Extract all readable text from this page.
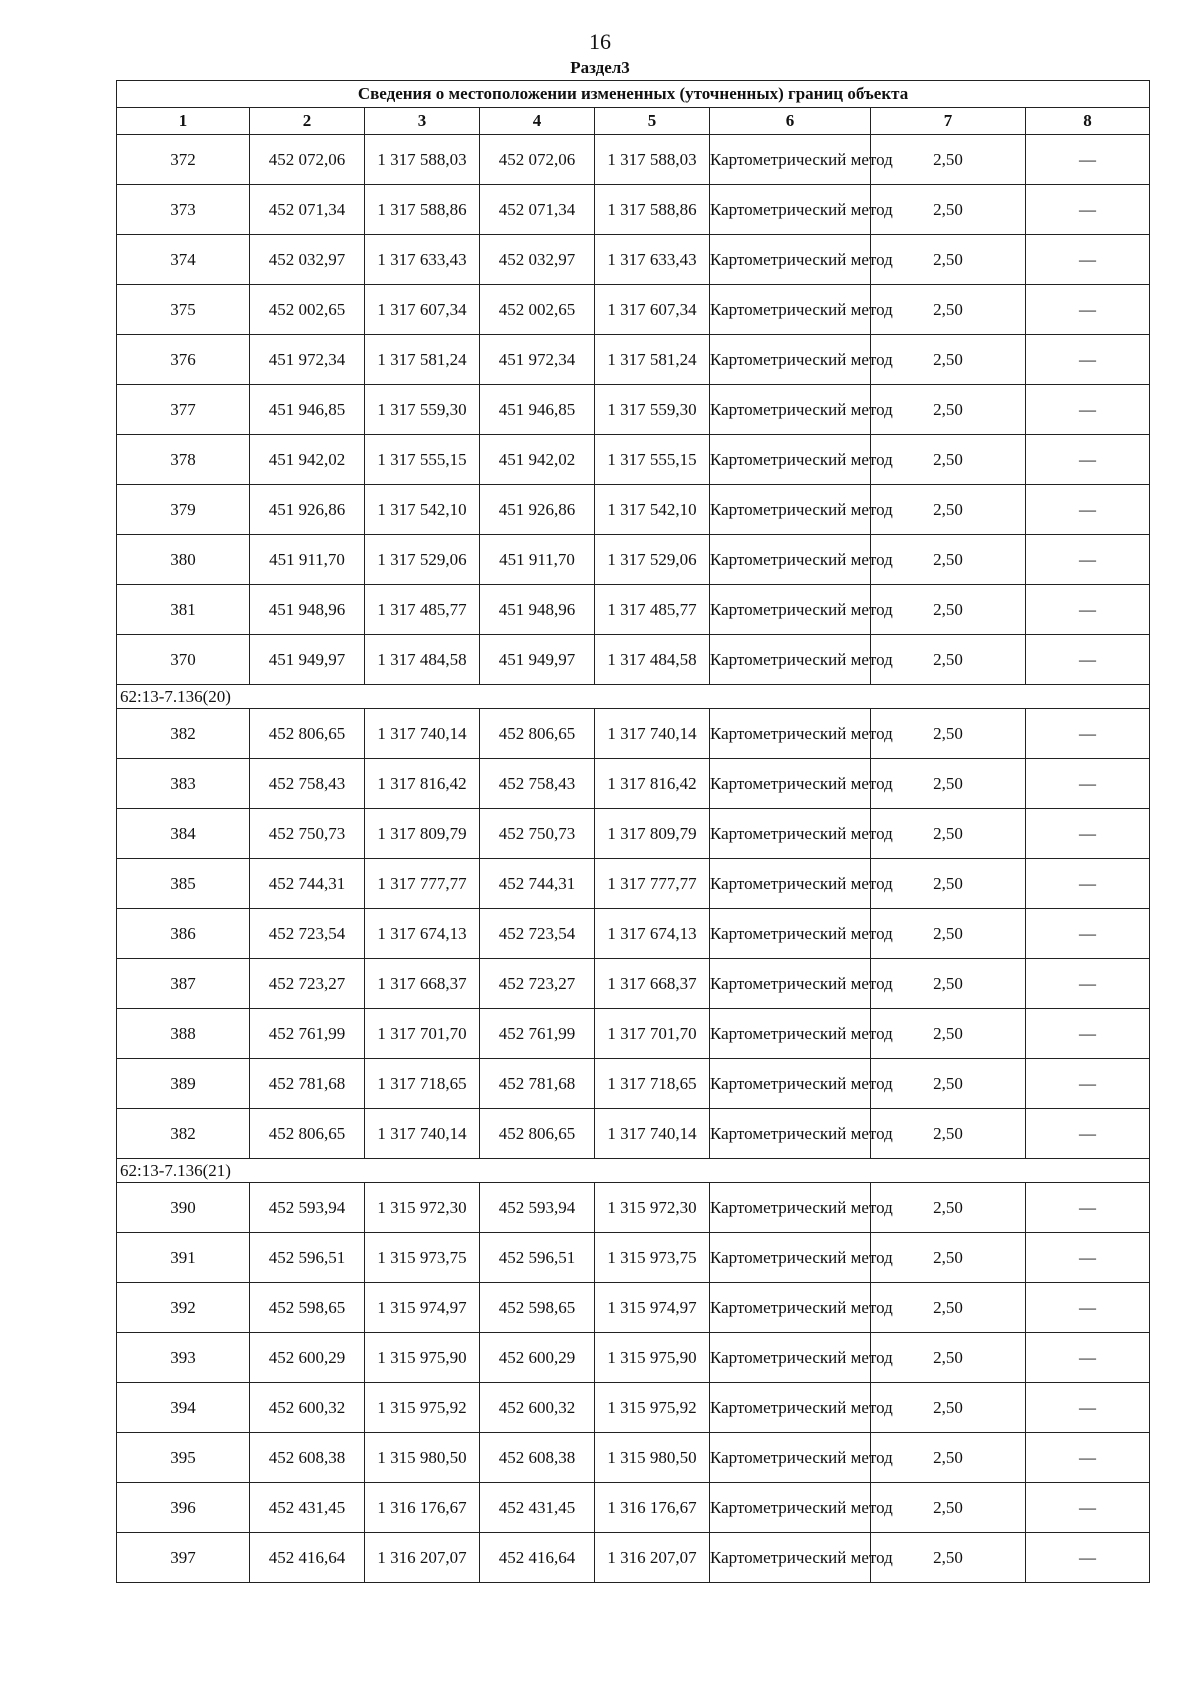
16
Раздел3
Сведения о местоположении измененных (уточненных) границ объекта							
1	2	3	4	5	6	7	8
372	452 072,06	1 317 588,03	452 072,06	1 317 588,03	Картометрический метод	2,50	—
373	452 071,34	1 317 588,86	452 071,34	1 317 588,86	Картометрический метод	2,50	—
374	452 032,97	1 317 633,43	452 032,97	1 317 633,43	Картометрический метод	2,50	—
375	452 002,65	1 317 607,34	452 002,65	1 317 607,34	Картометрический метод	2,50	—
376	451 972,34	1 317 581,24	451 972,34	1 317 581,24	Картометрический метод	2,50	—
377	451 946,85	1 317 559,30	451 946,85	1 317 559,30	Картометрический метод	2,50	—
378	451 942,02	1 317 555,15	451 942,02	1 317 555,15	Картометрический метод	2,50	—
379	451 926,86	1 317 542,10	451 926,86	1 317 542,10	Картометрический метод	2,50	—
380	451 911,70	1 317 529,06	451 911,70	1 317 529,06	Картометрический метод	2,50	—
381	451 948,96	1 317 485,77	451 948,96	1 317 485,77	Картометрический метод	2,50	—
370	451 949,97	1 317 484,58	451 949,97	1 317 484,58	Картометрический метод	2,50	—
62:13-7.136(20)							
382	452 806,65	1 317 740,14	452 806,65	1 317 740,14	Картометрический метод	2,50	—
383	452 758,43	1 317 816,42	452 758,43	1 317 816,42	Картометрический метод	2,50	—
384	452 750,73	1 317 809,79	452 750,73	1 317 809,79	Картометрический метод	2,50	—
385	452 744,31	1 317 777,77	452 744,31	1 317 777,77	Картометрический метод	2,50	—
386	452 723,54	1 317 674,13	452 723,54	1 317 674,13	Картометрический метод	2,50	—
387	452 723,27	1 317 668,37	452 723,27	1 317 668,37	Картометрический метод	2,50	—
388	452 761,99	1 317 701,70	452 761,99	1 317 701,70	Картометрический метод	2,50	—
389	452 781,68	1 317 718,65	452 781,68	1 317 718,65	Картометрический метод	2,50	—
382	452 806,65	1 317 740,14	452 806,65	1 317 740,14	Картометрический метод	2,50	—
62:13-7.136(21)							
390	452 593,94	1 315 972,30	452 593,94	1 315 972,30	Картометрический метод	2,50	—
391	452 596,51	1 315 973,75	452 596,51	1 315 973,75	Картометрический метод	2,50	—
392	452 598,65	1 315 974,97	452 598,65	1 315 974,97	Картометрический метод	2,50	—
393	452 600,29	1 315 975,90	452 600,29	1 315 975,90	Картометрический метод	2,50	—
394	452 600,32	1 315 975,92	452 600,32	1 315 975,92	Картометрический метод	2,50	—
395	452 608,38	1 315 980,50	452 608,38	1 315 980,50	Картометрический метод	2,50	—
396	452 431,45	1 316 176,67	452 431,45	1 316 176,67	Картометрический метод	2,50	—
397	452 416,64	1 316 207,07	452 416,64	1 316 207,07	Картометрический метод	2,50	—
